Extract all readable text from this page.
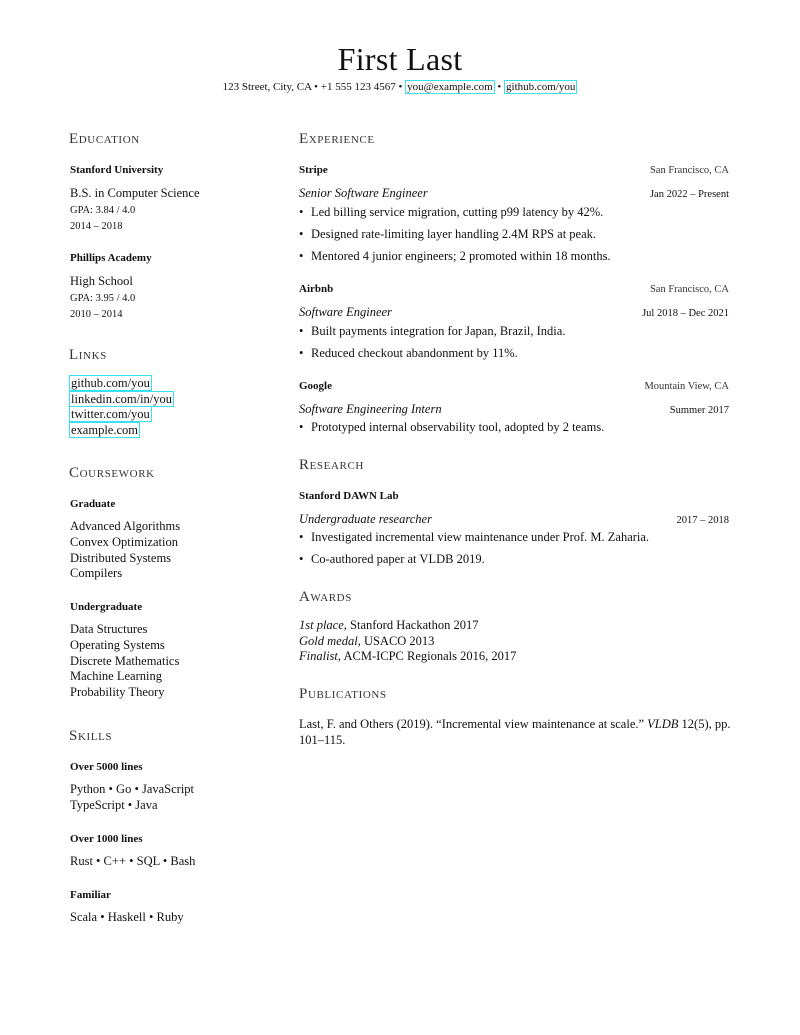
First Last
123 Street, City, CA • +1 555 123 4567 • you@example.com • github.com/you
Education
Stanford University
B.S. in Computer Science
GPA: 3.84 / 4.0
2014 – 2018
Phillips Academy
High School
GPA: 3.95 / 4.0
2010 – 2014
Links
github.com/you
linkedin.com/in/you
twitter.com/you
example.com
Coursework
Graduate
Advanced Algorithms
Convex Optimization
Distributed Systems
Compilers
Undergraduate
Data Structures
Operating Systems
Discrete Mathematics
Machine Learning
Probability Theory
Skills
Over 5000 lines
Python • Go • JavaScript
TypeScript • Java
Over 1000 lines
Rust • C++ • SQL • Bash
Familiar
Scala • Haskell • Ruby
Experience
Stripe	San Francisco, CA
Senior Software Engineer	Jan 2022 – Present
• Led billing service migration, cutting p99 latency by 42%.
• Designed rate-limiting layer handling 2.4M RPS at peak.
• Mentored 4 junior engineers; 2 promoted within 18 months.
Airbnb	San Francisco, CA
Software Engineer	Jul 2018 – Dec 2021
• Built payments integration for Japan, Brazil, India.
• Reduced checkout abandonment by 11%.
Google	Mountain View, CA
Software Engineering Intern	Summer 2017
• Prototyped internal observability tool, adopted by 2 teams.
Research
Stanford DAWN Lab
Undergraduate researcher	2017 – 2018
• Investigated incremental view maintenance under Prof. M. Zaharia.
• Co-authored paper at VLDB 2019.
Awards
1st place, Stanford Hackathon 2017
Gold medal, USACO 2013
Finalist, ACM-ICPC Regionals 2016, 2017
Publications
Last, F. and Others (2019). “Incremental view maintenance at scale.” VLDB 12(5), pp. 101–115.
